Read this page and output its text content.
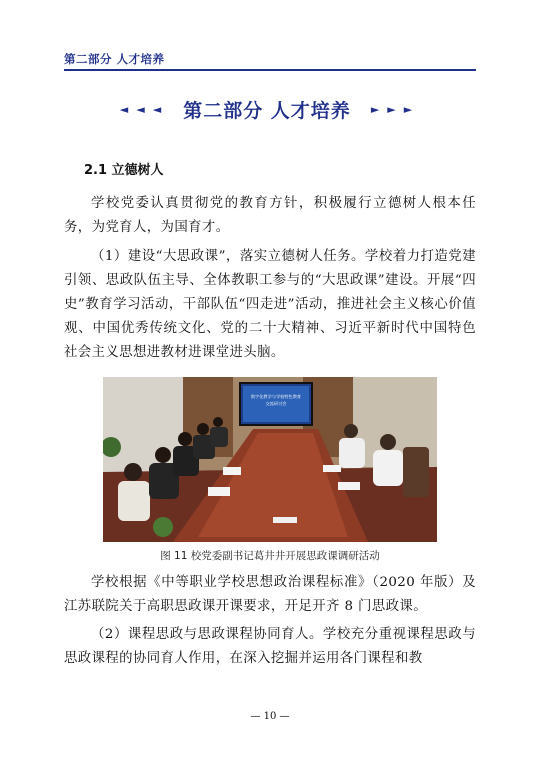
第二部分 人才培养
◄◄◄ 第二部分 人才培养 ►►►
2.1 立德树人

学校党委认真贯彻党的教育方针，积极履行立德树人根本任务，为党育人，为国育才。

（1）建设“大思政课”，落实立德树人任务。学校着力打造党建引领、思政队伍主导、全体教职工参与的“大思政课”建设。开展“四史”教育学习活动，干部队伍“四走进”活动，推进社会主义核心价值观、中国优秀传统文化、党的二十大精神、习近平新时代中国特色社会主义思想进教材进课堂进头脑。

数字化教学与学校特色教育
交流研讨会
图 11 校党委副书记葛井井开展思政课调研活动

学校根据《中等职业学校思想政治课程标准》（2020 年版）及江苏联院关于高职思政课开课要求，开足开齐 8 门思政课。

（2）课程思政与思政课程协同育人。学校充分重视课程思政与思政课程的协同育人作用，在深入挖掘并运用各门课程和教

— 10 —
